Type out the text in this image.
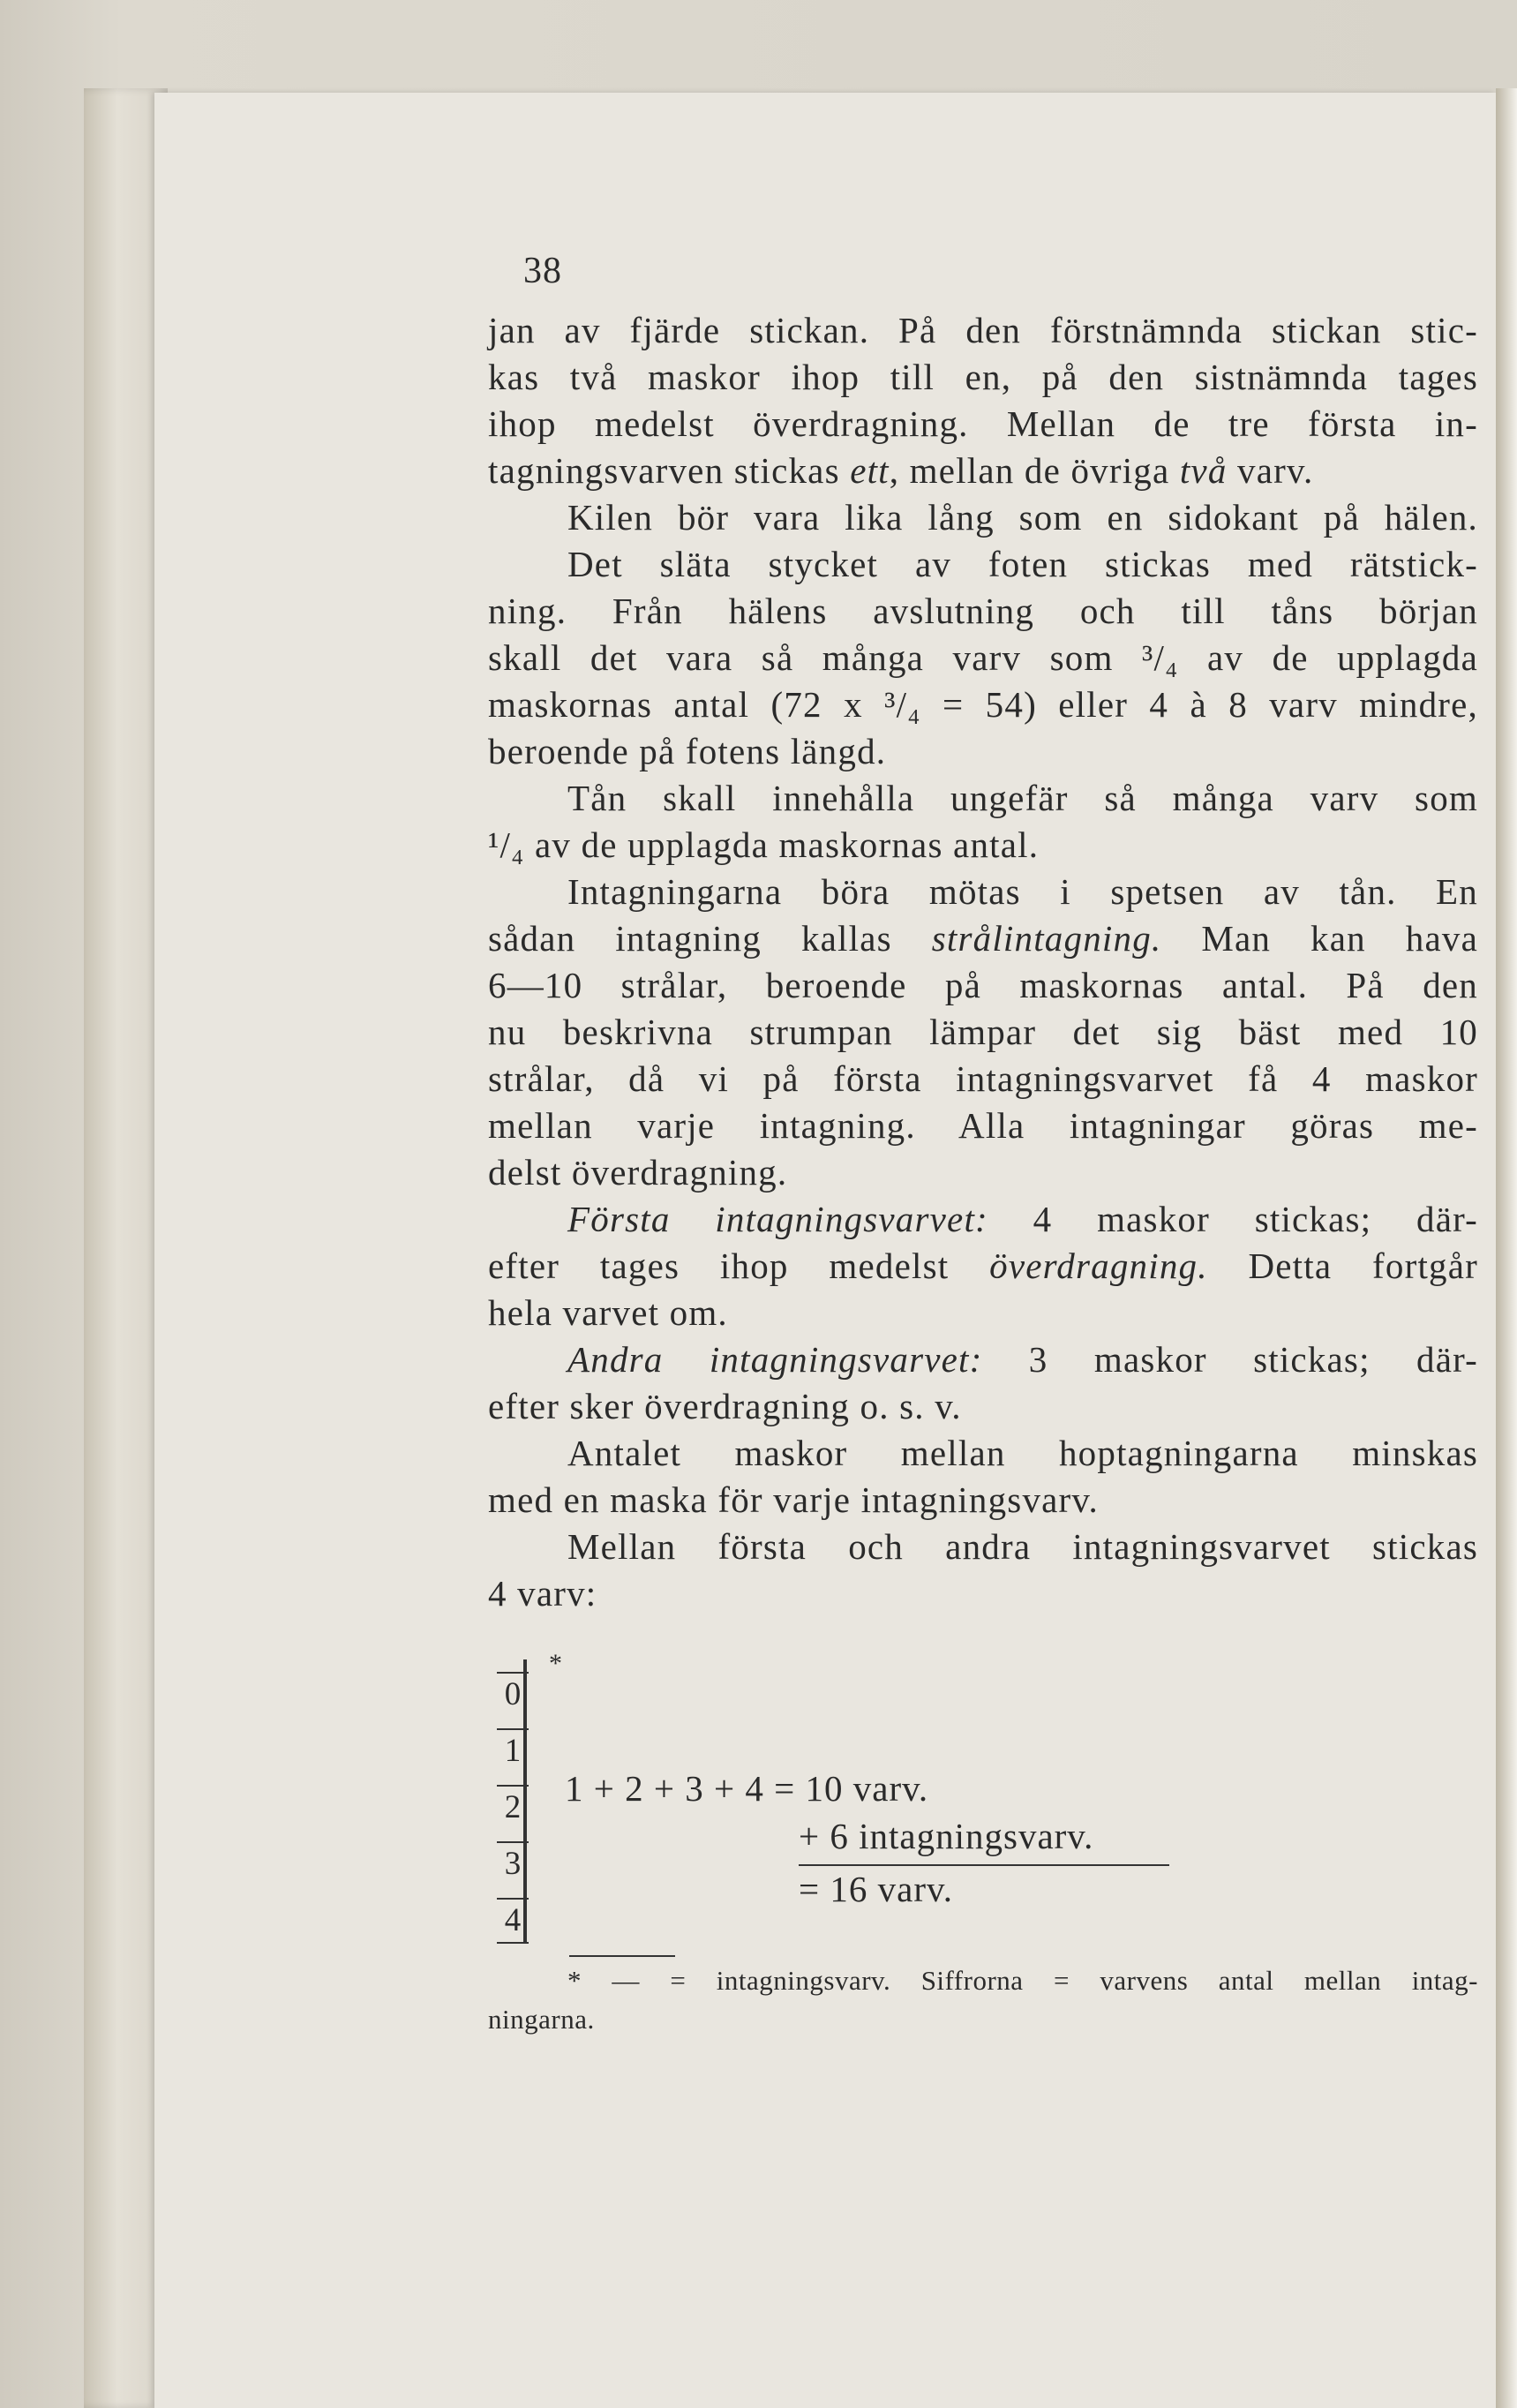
38
jan av fjärde stickan. På den förstnämnda stickan stic-
kas två maskor ihop till en, på den sistnämnda tages
ihop medelst överdragning. Mellan de tre första in-
tagningsvarven stickas ett , mellan de övriga två varv.
Kilen bör vara lika lång som en sidokant på hälen.
Det släta stycket av foten stickas med rätstick-
ning. Från hälens avslutning och till tåns början
skall det vara så många varv som ³/₄ av de upplagda
maskornas antal (72 x ³/₄ = 54) eller 4 à 8 varv mindre,
beroende på fotens längd.
Tån skall innehålla ungefär så många varv som
¹/₄ av de upplagda maskornas antal.
Intagningarna böra mötas i spetsen av tån. En
sådan intagning kallas strålintagning. Man kan hava
6—10 strålar, beroende på maskornas antal. På den
nu beskrivna strumpan lämpar det sig bäst med 10
strålar, då vi på första intagningsvarvet få 4 maskor
mellan varje intagning. Alla intagningar göras me-
delst överdragning.
Första intagningsvarvet: 4 maskor stickas; där-
efter tages ihop medelst överdragning. Detta fortgår
hela varvet om.
Andra intagningsvarvet: 3 maskor stickas; där-
efter sker överdragning o. s. v.
Antalet maskor mellan hoptagningarna minskas
med en maska för varje intagningsvarv.
Mellan första och andra intagningsvarvet stickas
4 varv:
0
1
2
3
4
*
1 + 2 + 3 + 4 = 10 varv.
+ 6 intagningsvarv.
= 16 varv.
* — = intagningsvarv. Siffrorna = varvens antal mellan intag-
ningarna.
